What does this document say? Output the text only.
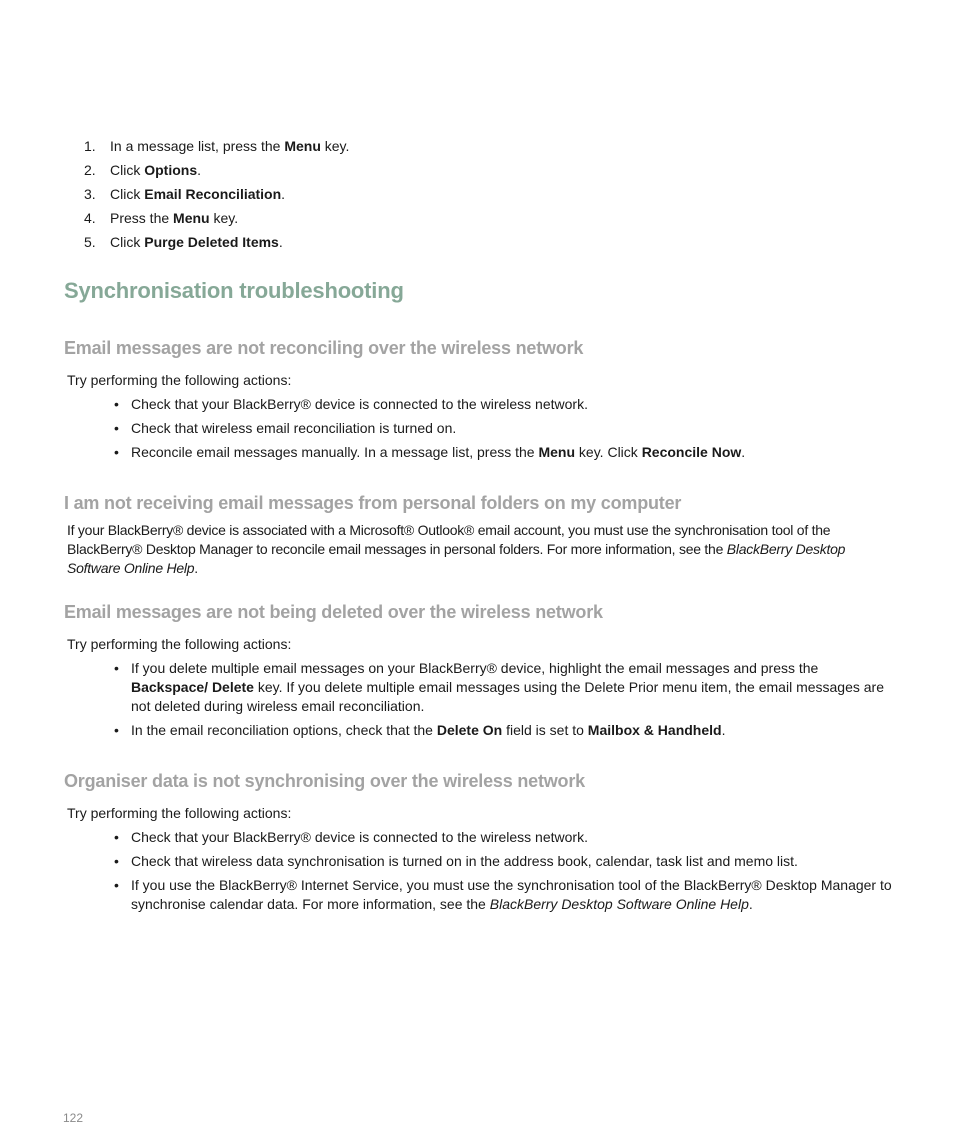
1.	In a message list, press the Menu key.
2.	Click Options.
3.	Click Email Reconciliation.
4.	Press the Menu key.
5.	Click Purge Deleted Items.
Synchronisation troubleshooting
Email messages are not reconciling over the wireless network

Try performing the following actions:

• Check that your BlackBerry® device is connected to the wireless network.
• Check that wireless email reconciliation is turned on.
• Reconcile email messages manually. In a message list, press the Menu key. Click Reconcile Now.
I am not receiving email messages from personal folders on my computer

If your BlackBerry® device is associated with a Microsoft® Outlook® email account, you must use the synchronisation tool of the BlackBerry® Desktop Manager to reconcile email messages in personal folders. For more information, see the BlackBerry Desktop Software Online Help.

Email messages are not being deleted over the wireless network

Try performing the following actions:

• If you delete multiple email messages on your BlackBerry® device, highlight the email messages and press the Backspace/ Delete key. If you delete multiple email messages using the Delete Prior menu item, the email messages are not deleted during wireless email reconciliation.
• In the email reconciliation options, check that the Delete On field is set to Mailbox & Handheld.
Organiser data is not synchronising over the wireless network

Try performing the following actions:

• Check that your BlackBerry® device is connected to the wireless network.
• Check that wireless data synchronisation is turned on in the address book, calendar, task list and memo list.
• If you use the BlackBerry® Internet Service, you must use the synchronisation tool of the BlackBerry® Desktop Manager to synchronise calendar data. For more information, see the BlackBerry Desktop Software Online Help.
122
